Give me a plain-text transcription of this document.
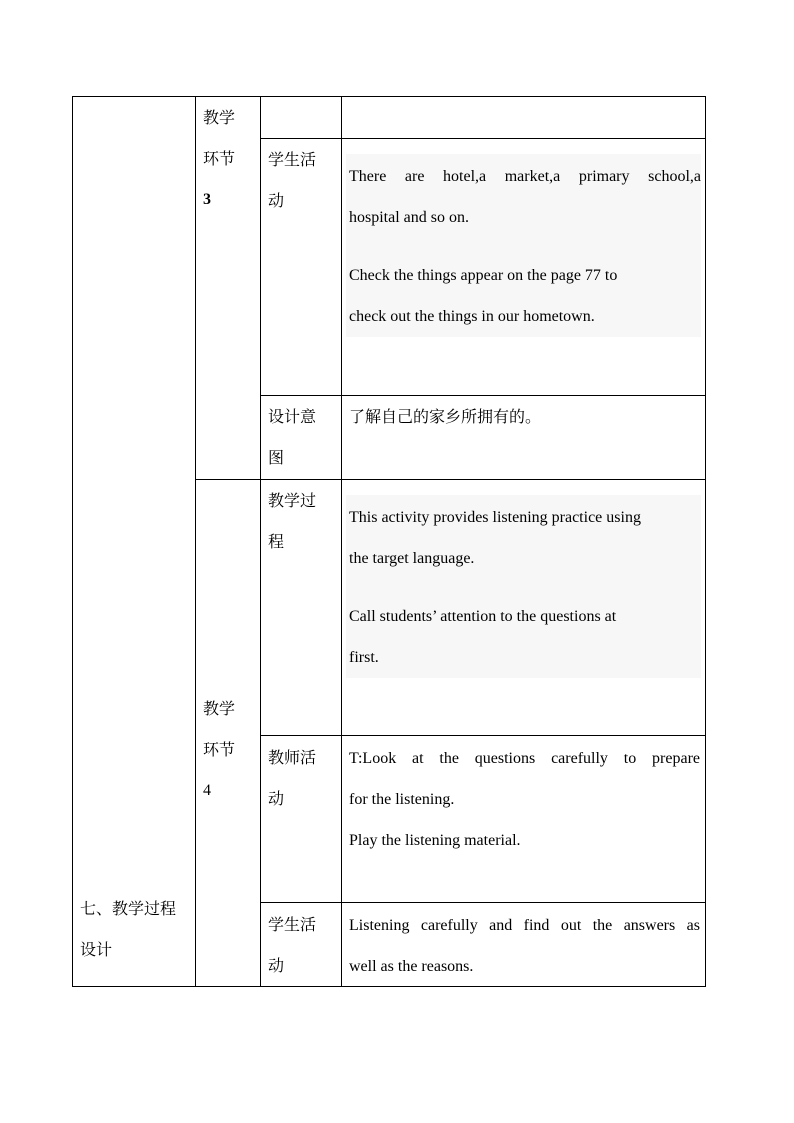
七、教学过程
设计
教学
环节
3
学生活
动
There are hotel,a market,a primary school,a
hospital and so on.
Check the things appear on the page 77 to
check out the things in our hometown.
设计意
图
了解自己的家乡所拥有的。
教学
环节
4
教学过
程
This activity provides listening practice using
the target language.
Call students’ attention to the questions at
first.
教师活
动
T:Look at the questions carefully to prepare
for the listening.
Play the listening material.
学生活
动
Listening carefully and find out the answers as
well as the reasons.
